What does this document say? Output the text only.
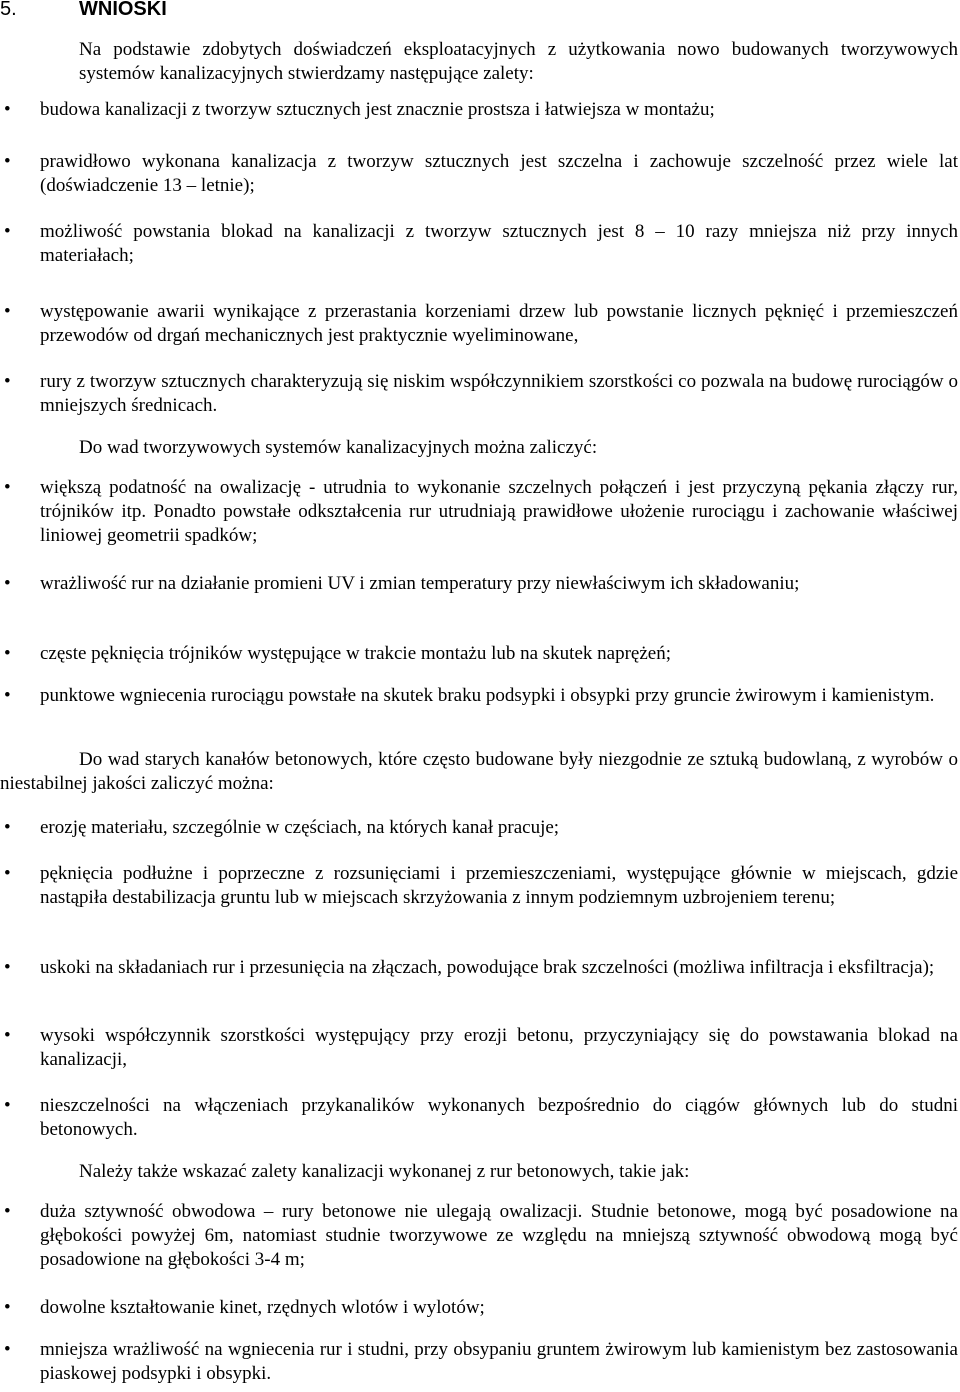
5.	WNIOSKI
Na podstawie zdobytych doświadczeń eksploatacyjnych z użytkowania nowo budowanych tworzywowych systemów kanalizacyjnych stwierdzamy następujące zalety:
• budowa kanalizacji z tworzyw sztucznych jest znacznie prostsza i łatwiejsza w montażu;
• prawidłowo wykonana kanalizacja z tworzyw sztucznych jest szczelna i zachowuje szczelność przez wiele lat (doświadczenie 13 – letnie);
• możliwość powstania blokad na kanalizacji z tworzyw sztucznych jest 8 – 10 razy mniejsza niż przy innych materiałach;
• występowanie awarii wynikające z przerastania korzeniami drzew lub powstanie licznych pęknięć i przemieszczeń przewodów od drgań mechanicznych jest praktycznie wyeliminowane,
• rury z tworzyw sztucznych charakteryzują się niskim współczynnikiem szorstkości co pozwala na budowę rurociągów o mniejszych średnicach.
Do wad tworzywowych systemów kanalizacyjnych można zaliczyć:
• większą podatność na owalizację - utrudnia to wykonanie szczelnych połączeń i jest przyczyną pękania złączy rur, trójników itp. Ponadto powstałe odkształcenia rur utrudniają prawidłowe ułożenie rurociągu i zachowanie właściwej liniowej geometrii spadków;
• wrażliwość rur na działanie promieni UV i zmian temperatury przy niewłaściwym ich składowaniu;
• częste pęknięcia trójników występujące w trakcie montażu lub na skutek naprężeń;
• punktowe wgniecenia rurociągu powstałe na skutek braku podsypki i obsypki przy gruncie żwirowym i kamienistym.
Do wad starych kanałów betonowych, które często budowane były niezgodnie ze sztuką budowlaną, z wyrobów o niestabilnej jakości zaliczyć można:
• erozję materiału, szczególnie w częściach, na których kanał pracuje;
• pęknięcia podłużne i poprzeczne z rozsunięciami i przemieszczeniami, występujące głównie w miejscach, gdzie nastąpiła destabilizacja gruntu lub w miejscach skrzyżowania z innym podziemnym uzbrojeniem terenu;
• uskoki na składaniach rur i przesunięcia na złączach, powodujące brak szczelności (możliwa infiltracja i eksfiltracja);
• wysoki współczynnik szorstkości występujący przy erozji betonu, przyczyniający się do powstawania blokad na kanalizacji,
• nieszczelności na włączeniach przykanalików wykonanych bezpośrednio do ciągów głównych lub do studni betonowych.
Należy także wskazać zalety kanalizacji wykonanej z rur betonowych, takie jak:
• duża sztywność obwodowa – rury betonowe nie ulegają owalizacji. Studnie betonowe, mogą być posadowione na głębokości powyżej 6m, natomiast studnie tworzywowe ze względu na mniejszą sztywność obwodową mogą być posadowione na głębokości 3-4 m;
• dowolne kształtowanie kinet, rzędnych wlotów i wylotów;
• mniejsza wrażliwość na wgniecenia rur i studni, przy obsypaniu gruntem żwirowym lub kamienistym bez zastosowania piaskowej podsypki i obsypki.
